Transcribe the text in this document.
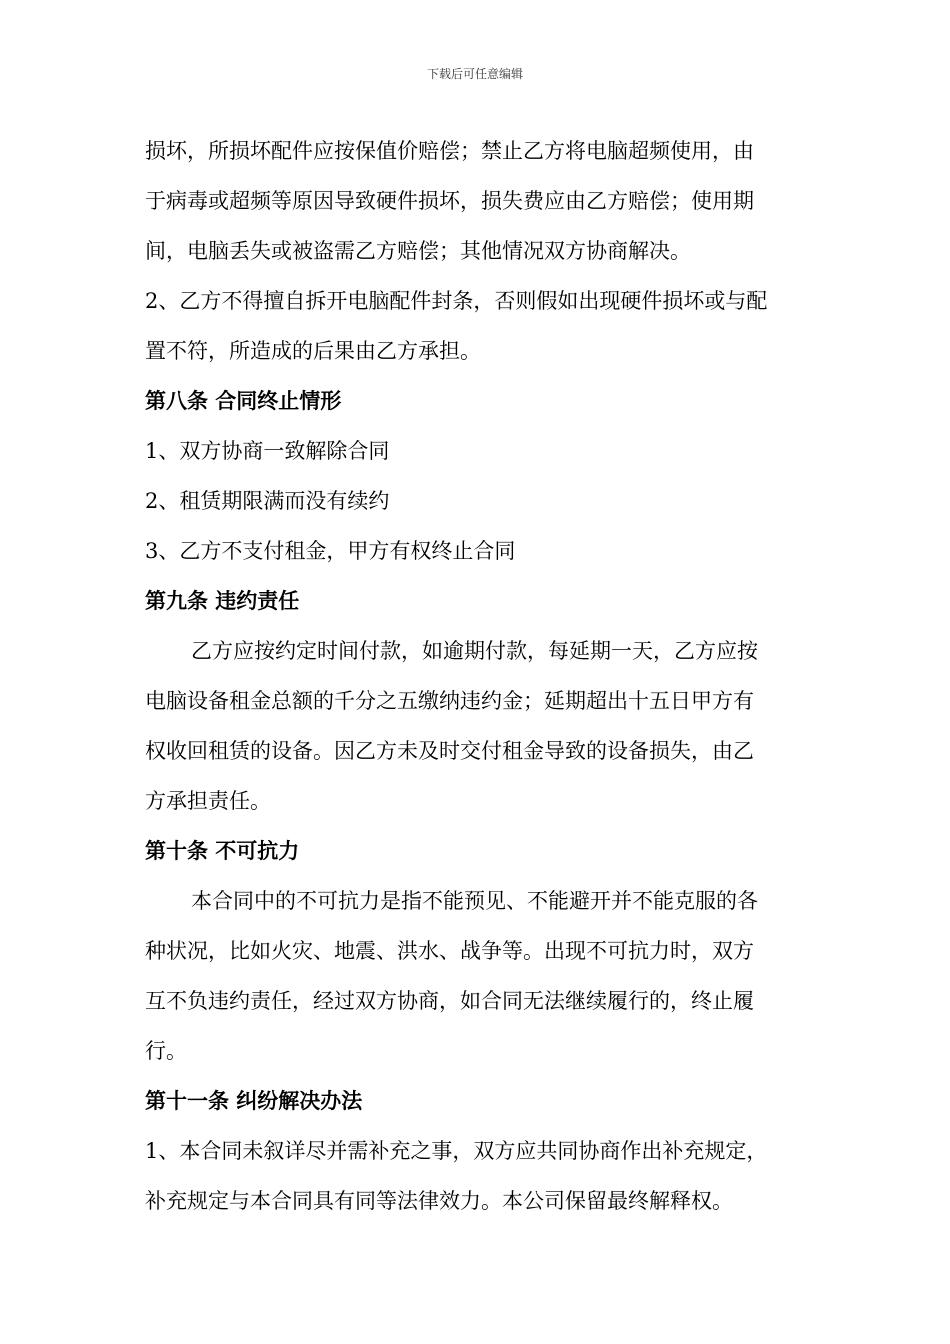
下载后可任意编辑
损坏，所损坏配件应按保值价赔偿；禁止乙方将电脑超频使用，由
于病毒或超频等原因导致硬件损坏，损失费应由乙方赔偿；使用期
间，电脑丢失或被盗需乙方赔偿；其他情况双方协商解决。
2、乙方不得擅自拆开电脑配件封条，否则假如出现硬件损坏或与配
置不符，所造成的后果由乙方承担。
第八条 合同终止情形
1、双方协商一致解除合同
2、租赁期限满而没有续约
3、乙方不支付租金，甲方有权终止合同
第九条 违约责任
乙方应按约定时间付款，如逾期付款，每延期一天，乙方应按
电脑设备租金总额的千分之五缴纳违约金；延期超出十五日甲方有
权收回租赁的设备。因乙方未及时交付租金导致的设备损失，由乙
方承担责任。
第十条 不可抗力
本合同中的不可抗力是指不能预见、不能避开并不能克服的各
种状况，比如火灾、地震、洪水、战争等。出现不可抗力时，双方
互不负违约责任，经过双方协商，如合同无法继续履行的，终止履
行。
第十一条 纠纷解决办法
1、本合同未叙详尽并需补充之事，双方应共同协商作出补充规定，
补充规定与本合同具有同等法律效力。本公司保留最终解释权。
